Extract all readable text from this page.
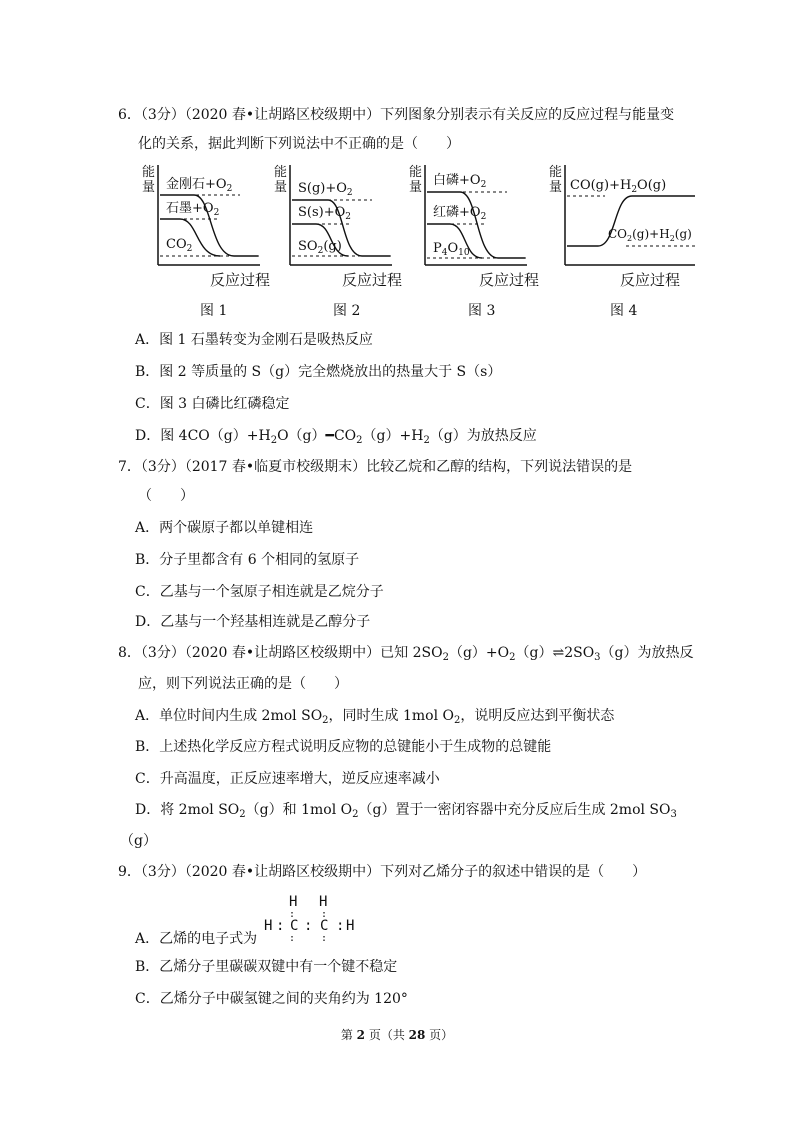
6．（3分）（2020 春•让胡路区校级期中）下列图象分别表示有关反应的反应过程与能量变
化的关系，据此判断下列说法中不正确的是（　　）
能
量 金刚石$+O_2$
石墨$+O_2$
$CO_2$
反应过程
图 1
能
量 $S(g)+O_2$
$S(s)+O_2$
$SO_2(g)$
反应过程
图 2
能
量 白磷$+O_2$
红磷$+O_2$
$P_4O_{10}$
反应过程
图 3
能
量 $CO(g)+H_2O(g)$
$CO_2(g)+H_2(g)$
反应过程
图 4
A．图 1 石墨转变为金刚石是吸热反应
B．图 2 等质量的 S（g）完全燃烧放出的热量大于 S（s）
C．图 3 白磷比红磷稳定
D．图 $4CO(g)+H_2O(g)━CO_2(g)+H_2(g)$为放热反应
7．（3分）（2017 春•临夏市校级期末）比较乙烷和乙醇的结构，下列说法错误的是
（　　）
A．两个碳原子都以单键相连
B．分子里都含有 6 个相同的氢原子
C．乙基与一个氢原子相连就是乙烷分子
D．乙基与一个羟基相连就是乙醇分子
8．（3分）（2020 春•让胡路区校级期中）已知 $2SO_2(g)+O_2(g)\rightleftharpoons 2SO_3(g)$为放热反
应，则下列说法正确的是（　　）
A．单位时间内生成 2mol $SO_2$，同时生成 1mol $O_2$，说明反应达到平衡状态
B．上述热化学反应方程式说明反应物的总键能小于生成物的总键能
C．升高温度，正反应速率增大，逆反应速率减小
D．将 2mol $SO_2(g)$和 1mol $O_2(g)$置于一密闭容器中充分反应后生成 2mol $SO_3$
（g）
9．（3分）（2020 春•让胡路区校级期中）下列对乙烯分子的叙述中错误的是（　　）
A．乙烯的电子式为
H H
:	:
H : C : C : H
:	:
B．乙烯分子里碳碳双键中有一个键不稳定
C．乙烯分子中碳氢键之间的夹角约为 120°
第 2 页（共 28 页）
